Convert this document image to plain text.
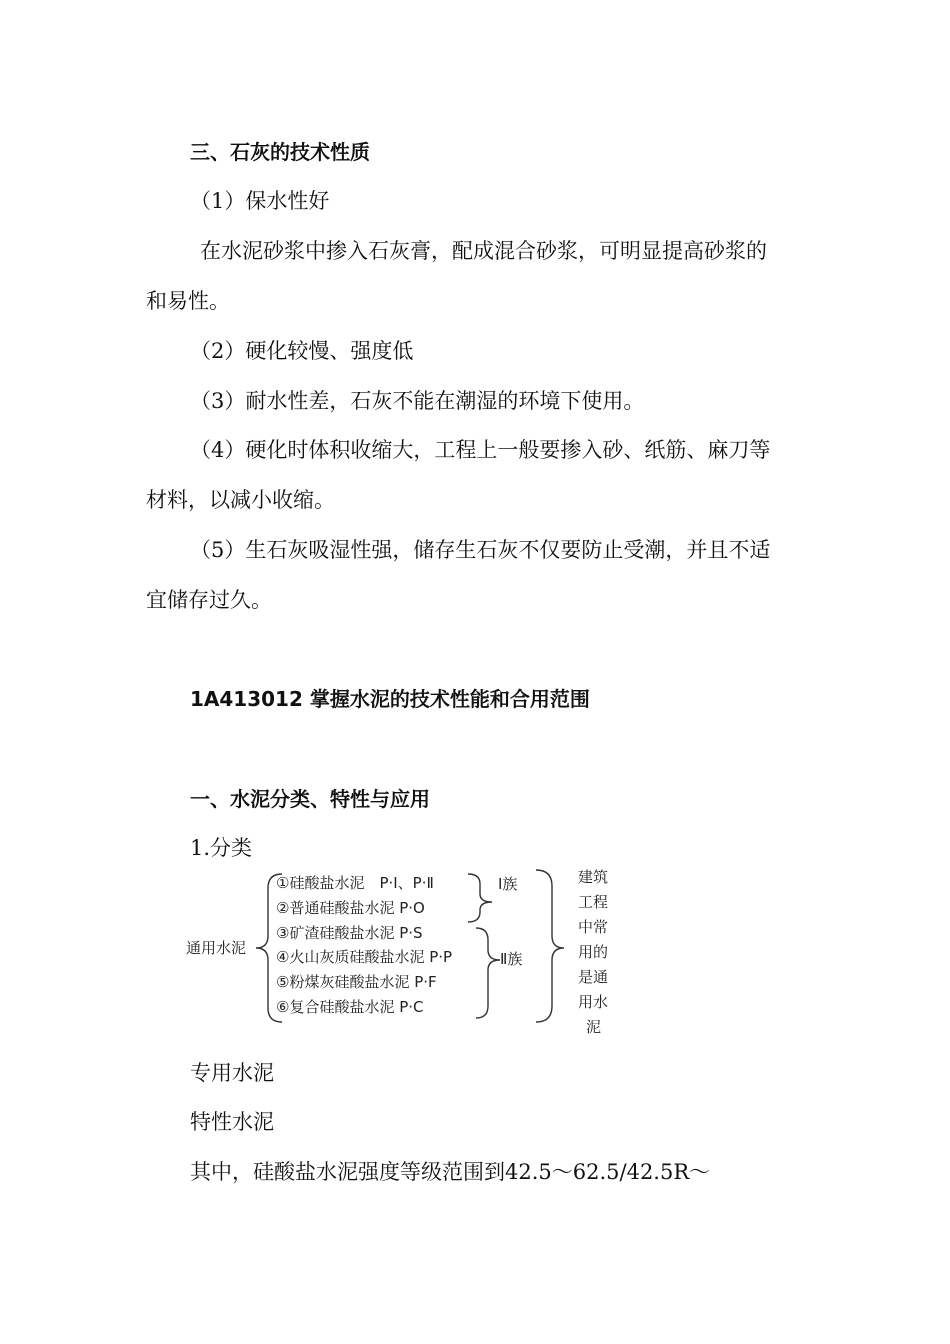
三、石灰的技术性质
（1）保水性好
在水泥砂浆中掺入石灰膏，配成混合砂浆，可明显提高砂浆的
和易性。
（2）硬化较慢、强度低
（3）耐水性差，石灰不能在潮湿的环境下使用。
（4）硬化时体积收缩大，工程上一般要掺入砂、纸筋、麻刀等
材料，以减小收缩。
（5）生石灰吸湿性强，储存生石灰不仅要防止受潮，并且不适
宜储存过久。
1A413012 掌握水泥的技术性能和合用范围
一、水泥分类、特性与应用
1.分类
通用水泥
①硅酸盐水泥　P·Ⅰ、P·Ⅱ
②普通硅酸盐水泥 P·O
③矿渣硅酸盐水泥 P·S
④火山灰质硅酸盐水泥 P·P
⑤粉煤灰硅酸盐水泥 P·F
⑥复合硅酸盐水泥 P·C
Ⅰ族
Ⅱ族
建筑
工程
中常
用的
是通
用水
泥
专用水泥
特性水泥
其中，硅酸盐水泥强度等级范围到42.5～62.5/42.5R～
